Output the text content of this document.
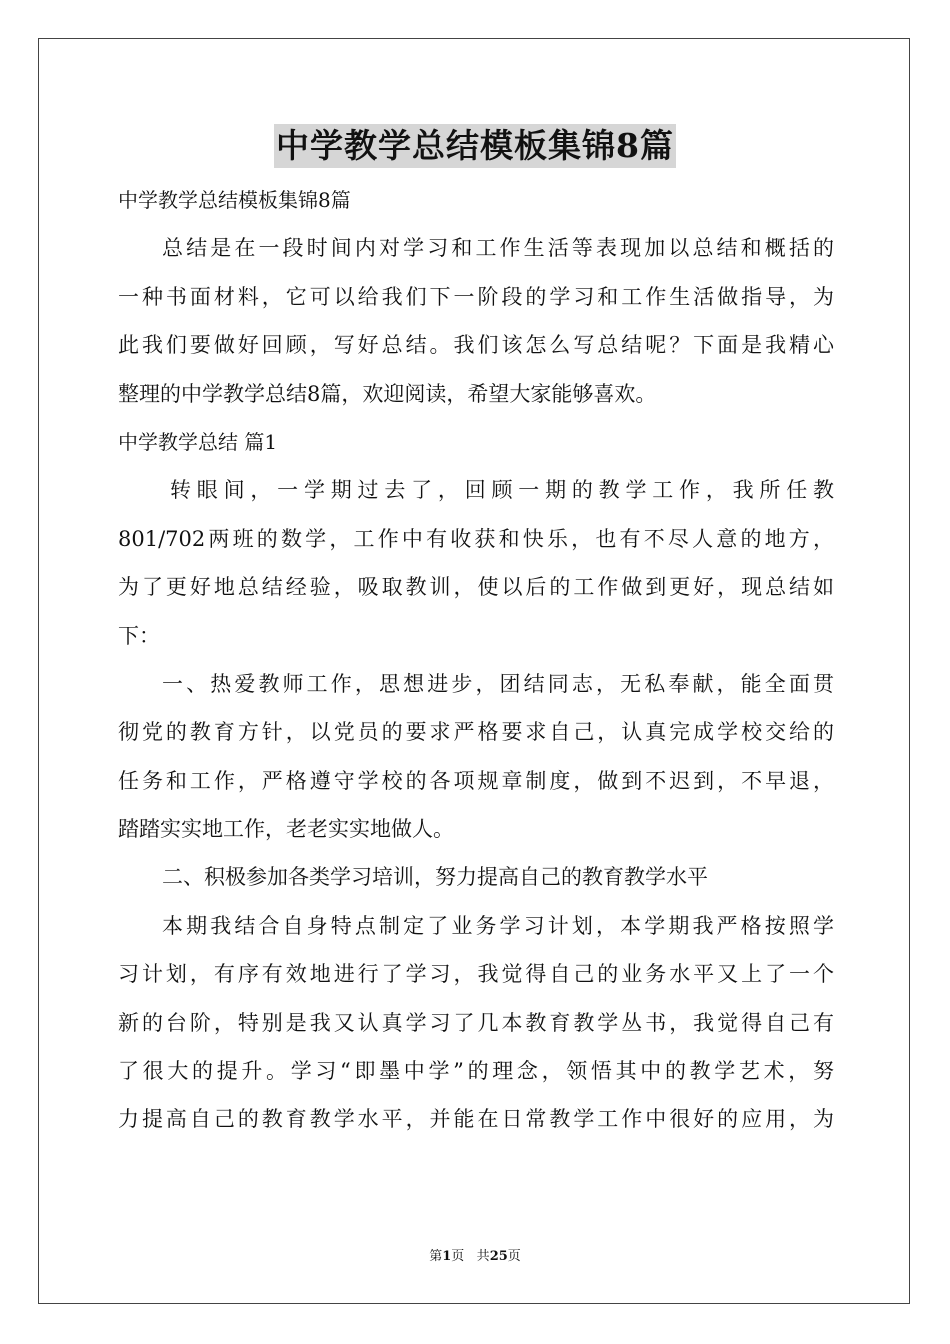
中学教学总结模板集锦8篇

中学教学总结模板集锦8篇

总结是在一段时间内对学习和工作生活等表现加以总结和概括的

一种书面材料，它可以给我们下一阶段的学习和工作生活做指导，为

此我们要做好回顾，写好总结。我们该怎么写总结呢？下面是我精心

整理的中学教学总结8篇，欢迎阅读，希望大家能够喜欢。

中学教学总结 篇1

转眼间，一学期过去了，回顾一期的教学工作，我所任教

801/702两班的数学，工作中有收获和快乐，也有不尽人意的地方，

为了更好地总结经验，吸取教训，使以后的工作做到更好，现总结如

下：

一、热爱教师工作，思想进步，团结同志，无私奉献，能全面贯

彻党的教育方针，以党员的要求严格要求自己，认真完成学校交给的

任务和工作，严格遵守学校的各项规章制度，做到不迟到，不早退，

踏踏实实地工作，老老实实地做人。

二、积极参加各类学习培训，努力提高自己的教育教学水平

本期我结合自身特点制定了业务学习计划，本学期我严格按照学

习计划，有序有效地进行了学习，我觉得自己的业务水平又上了一个

新的台阶，特别是我又认真学习了几本教育教学丛书，我觉得自己有

了很大的提升。学习“即墨中学”的理念，领悟其中的教学艺术，努

力提高自己的教育教学水平，并能在日常教学工作中很好的应用，为

第1页 共25页
